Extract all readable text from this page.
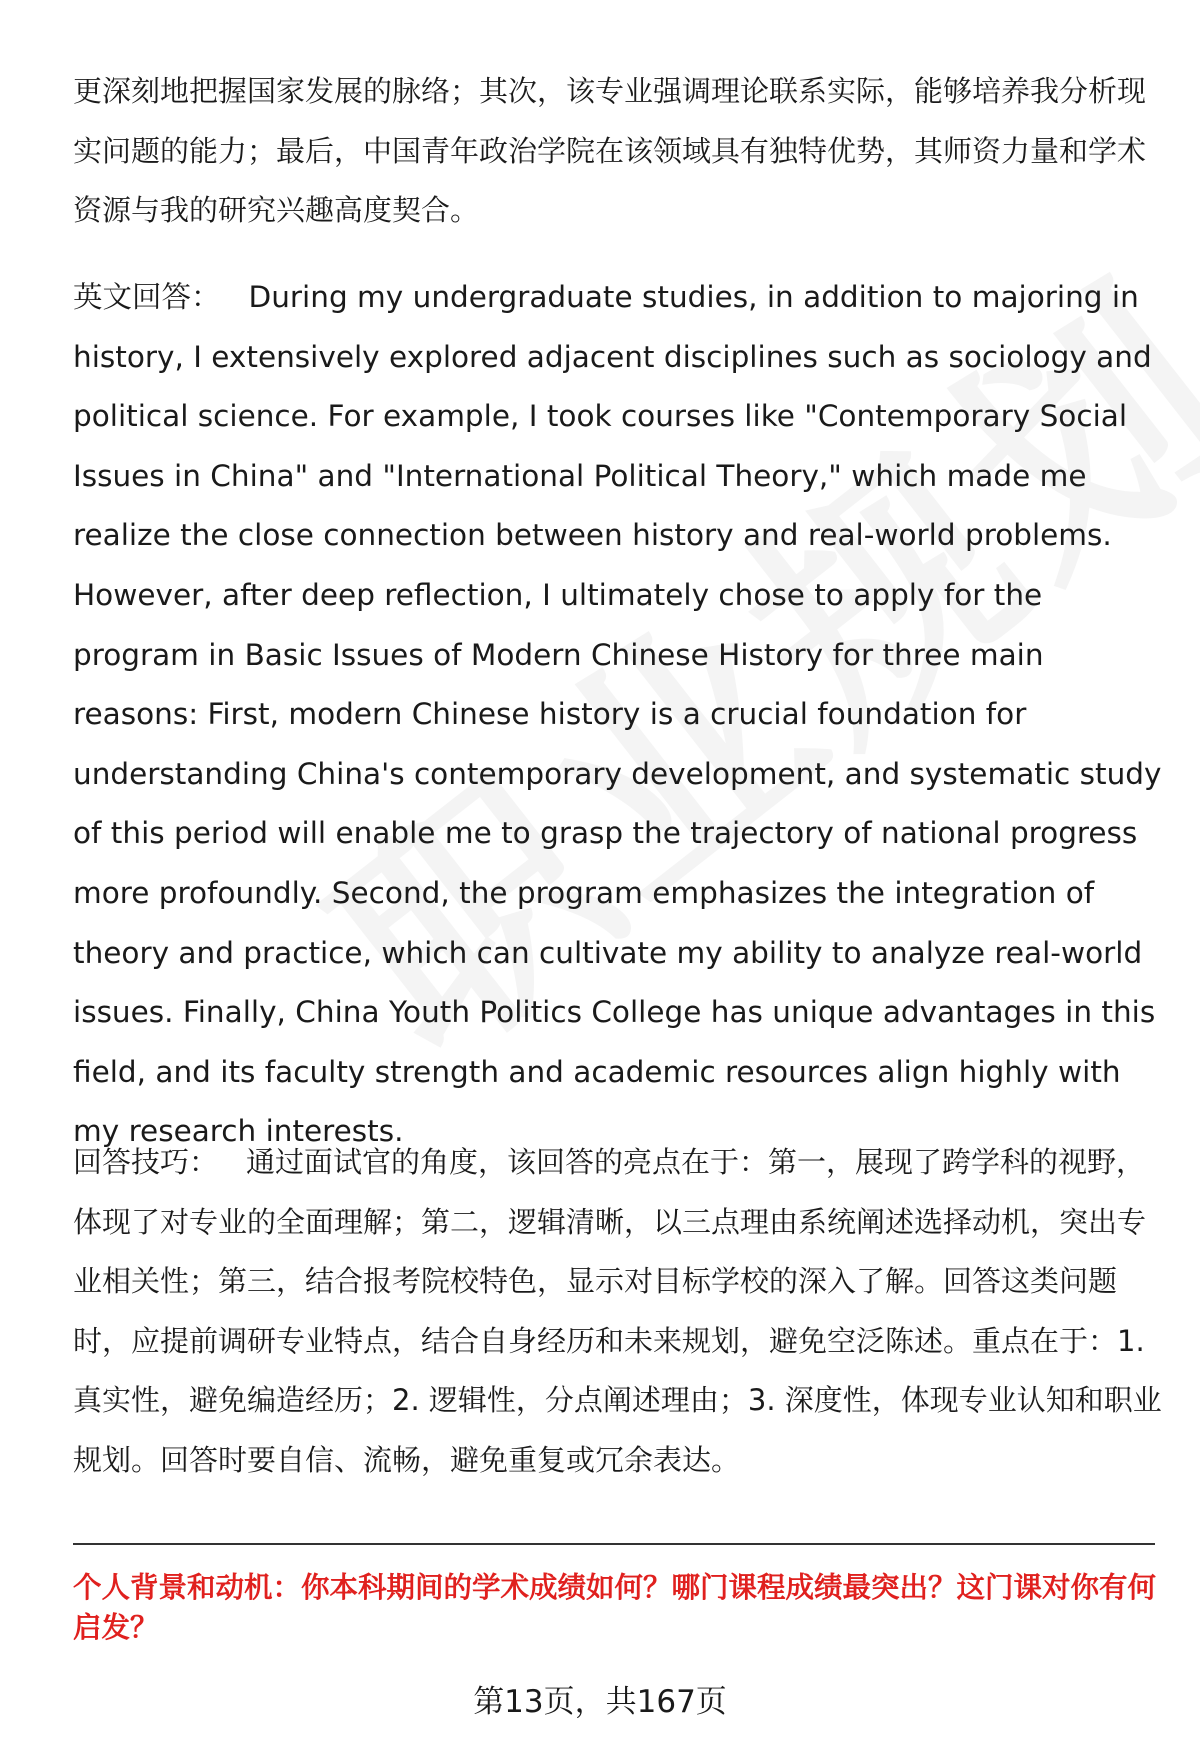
更深刻地把握国家发展的脉络；其次，该专业强调理论联系实际，能够培养我分析现实问题的能力；最后，中国青年政治学院在该领域具有独特优势，其师资力量和学术资源与我的研究兴趣高度契合。

英文回答： During my undergraduate studies, in addition to majoring in history, I extensively explored adjacent disciplines such as sociology and political science. For example, I took courses like "Contemporary Social Issues in China" and "International Political Theory," which made me realize the close connection between history and real-world problems. However, after deep reflection, I ultimately chose to apply for the program in Basic Issues of Modern Chinese History for three main reasons: First, modern Chinese history is a crucial foundation for understanding China's contemporary development, and systematic study of this period will enable me to grasp the trajectory of national progress more profoundly. Second, the program emphasizes the integration of theory and practice, which can cultivate my ability to analyze real-world issues. Finally, China Youth Politics College has unique advantages in this field, and its faculty strength and academic resources align highly with my research interests.

回答技巧： 通过面试官的角度，该回答的亮点在于：第一，展现了跨学科的视野，体现了对专业的全面理解；第二，逻辑清晰，以三点理由系统阐述选择动机，突出专业相关性；第三，结合报考院校特色，显示对目标学校的深入了解。回答这类问题时，应提前调研专业特点，结合自身经历和未来规划，避免空泛陈述。重点在于：1. 真实性，避免编造经历；2. 逻辑性，分点阐述理由；3. 深度性，体现专业认知和职业规划。回答时要自信、流畅，避免重复或冗余表达。

个人背景和动机：你本科期间的学术成绩如何？哪门课程成绩最突出？这门课对你有何启发？

第13页，共167页
